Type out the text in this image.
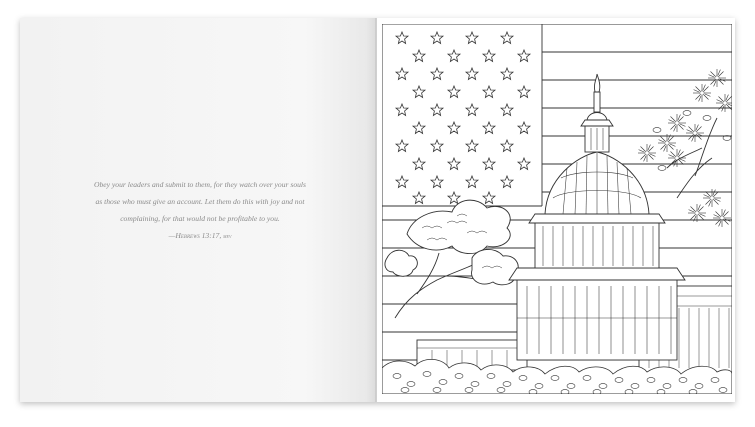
Obey your leaders and submit to them, for they watch over your souls
as those who must give an account. Let them do this with joy and not
complaining, for that would not be profitable to you.
—Hebrews 13:17, mev
